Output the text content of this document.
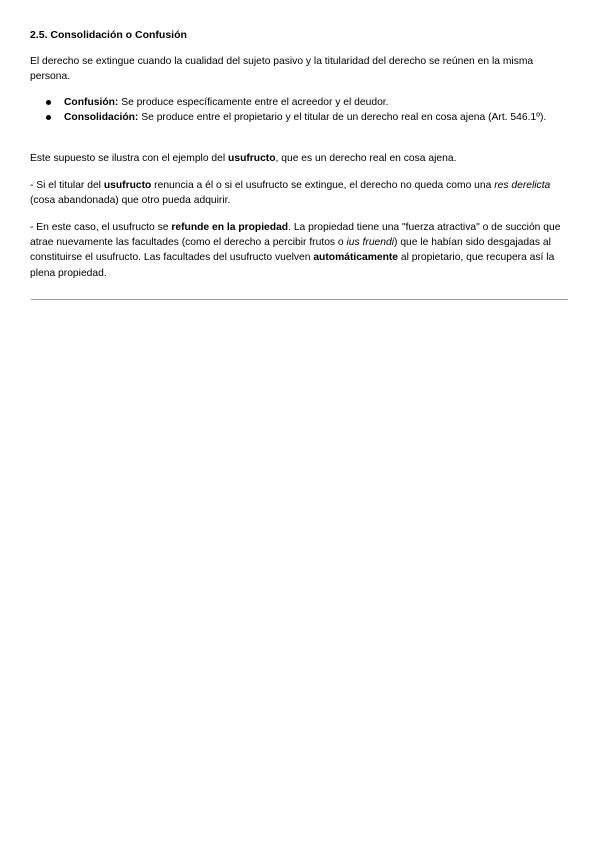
2.5. Consolidación o Confusión

El derecho se extingue cuando la cualidad del sujeto pasivo y la titularidad del derecho se reúnen en la misma persona.

Confusión: Se produce específicamente entre el acreedor y el deudor.
Consolidación: Se produce entre el propietario y el titular de un derecho real en cosa ajena (Art. 546.1º).

Este supuesto se ilustra con el ejemplo del usufructo, que es un derecho real en cosa ajena.

- Si el titular del usufructo renuncia a él o si el usufructo se extingue, el derecho no queda como una res derelicta (cosa abandonada) que otro pueda adquirir.

- En este caso, el usufructo se refunde en la propiedad. La propiedad tiene una "fuerza atractiva" o de succión que atrae nuevamente las facultades (como el derecho a percibir frutos o ius fruendi) que le habían sido desgajadas al constituirse el usufructo. Las facultades del usufructo vuelven automáticamente al propietario, que recupera así la plena propiedad.
